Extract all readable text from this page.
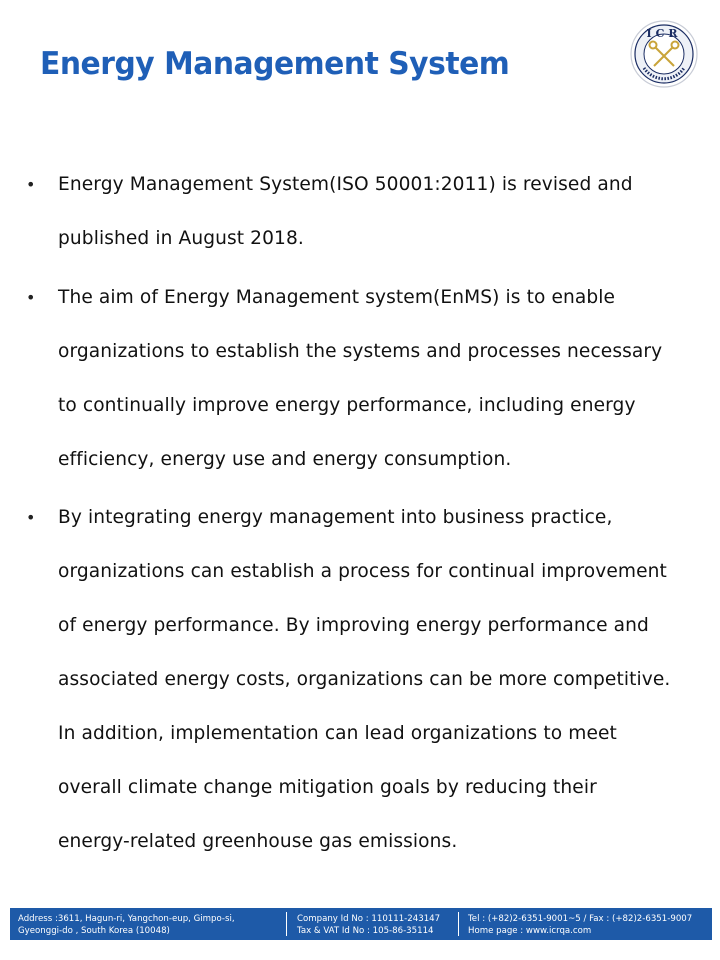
Energy Management System
ICR
• Energy Management System(ISO 50001:2011) is revised and
published in August 2018.
• The aim of Energy Management system(EnMS) is to enable
organizations to establish the systems and processes necessary
to continually improve energy performance, including energy
efficiency, energy use and energy consumption.
• By integrating energy management into business practice,
organizations can establish a process for continual improvement
of energy performance. By improving energy performance and
associated energy costs, organizations can be more competitive.
In addition, implementation can lead organizations to meet
overall climate change mitigation goals by reducing their
energy-related greenhouse gas emissions.
Address :3611, Hagun-ri, Yangchon-eup, Gimpo-si,
Gyeonggi-do , South Korea (10048)
Company Id No : 110111-243147
Tax & VAT Id No : 105-86-35114
Tel : (+82)2-6351-9001~5 / Fax : (+82)2-6351-9007
Home page : www.icrqa.com
